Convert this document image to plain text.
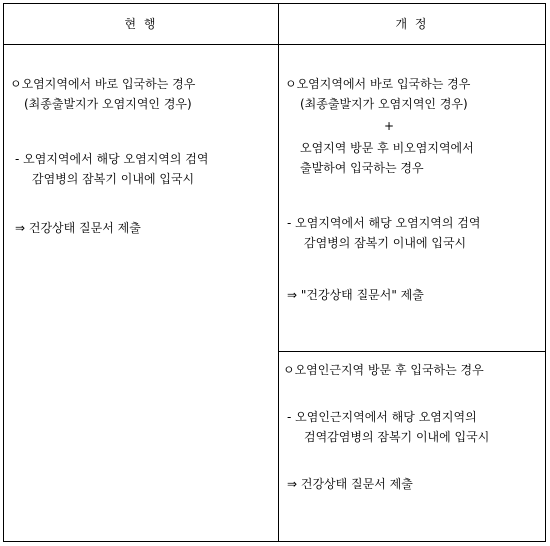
현 행	개 정
ㅇ오염지역에서 바로 입국하는 경우
(최종출발지가 오염지역인 경우)
- 오염지역에서 해당 오염지역의 검역
감염병의 잠복기 이내에 입국시
⇒ 건강상태 질문서 제출
ㅇ오염지역에서 바로 입국하는 경우
(최종출발지가 오염지역인 경우)
+
오염지역 방문 후 비오염지역에서
출발하여 입국하는 경우
- 오염지역에서 해당 오염지역의 검역
감염병의 잠복기 이내에 입국시
⇒ "건강상태 질문서" 제출
ㅇ오염인근지역 방문 후 입국하는 경우
- 오염인근지역에서 해당 오염지역의
검역감염병의 잠복기 이내에 입국시
⇒ 건강상태 질문서 제출
